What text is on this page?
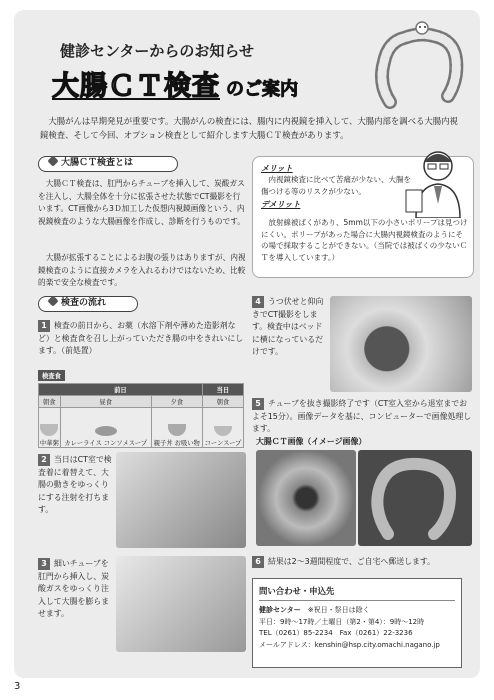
健診センターからのお知らせ
大腸ＣＴ検査 のご案内
大腸がんは早期発見が重要です。大腸がんの検査には、腸内に内視鏡を挿入して、大腸内部を調べる大腸内視鏡検査、そして今回、オプション検査として紹介します大腸ＣＴ検査があります。
大腸ＣＴ検査とは
大腸ＣＴ検査は、肛門からチューブを挿入して、炭酸ガスを注入し、大腸全体を十分に拡張させた状態でCT撮影を行います。CT画像から3Ｄ加工した仮想内視鏡画像という、内視鏡検査のような大腸画像を作成し、診断を行うものです。
大腸が拡張することによるお腹の張りはありますが、内視鏡検査のように直接カメラを入れるわけではないため、比較的楽で安全な検査です。
メリット
内視鏡検査に比べて苦痛が少ない、大腸を傷つける等のリスクが少ない。
デメリット
放射線被ばくがあり、5mm以下の小さいポリープは見つけにくい。ポリープがあった場合に大腸内視鏡検査のようにその場で採取することができない。（当院では被ばくの少ないＣＴを導入しています。）
検査の流れ
1 検査の前日から、お薬（水溶下剤や薄めた造影剤など）と検査食を召し上がっていただき腸の中をきれいにします。（前処置）
検査食
前日			当日
朝食	昼食	夕食	朝食

中華粥	カレーライス コンソメスープ	親子丼 お吸い物	コーンスープ
2 当日はCT室で検査着に着替えて、大腸の動きをゆっくりにする注射を打ちます。
3 細いチューブを肛門から挿入し、炭酸ガスをゆっくり注入して大腸を膨らませます。
4 うつ伏せと仰向きでCT撮影をします。検査中はベッドに横になっているだけです。
5 チューブを抜き撮影終了です（CT室入室から退室までおよそ15分）。画像データを基に、コンピューターで画像処理します。
大腸ＣＴ画像（イメージ画像）
6 結果は2～3週間程度で、ご自宅へ郵送します。
問い合わせ・申込先
健診センター　 ※祝日・祭日は除く
平日：9時～17時／土曜日（第2・第4）：9時～12時
TEL（0261）85-2234　Fax（0261）22-3236
メールアドレス：kenshin@hsp.city.omachi.nagano.jp
3
